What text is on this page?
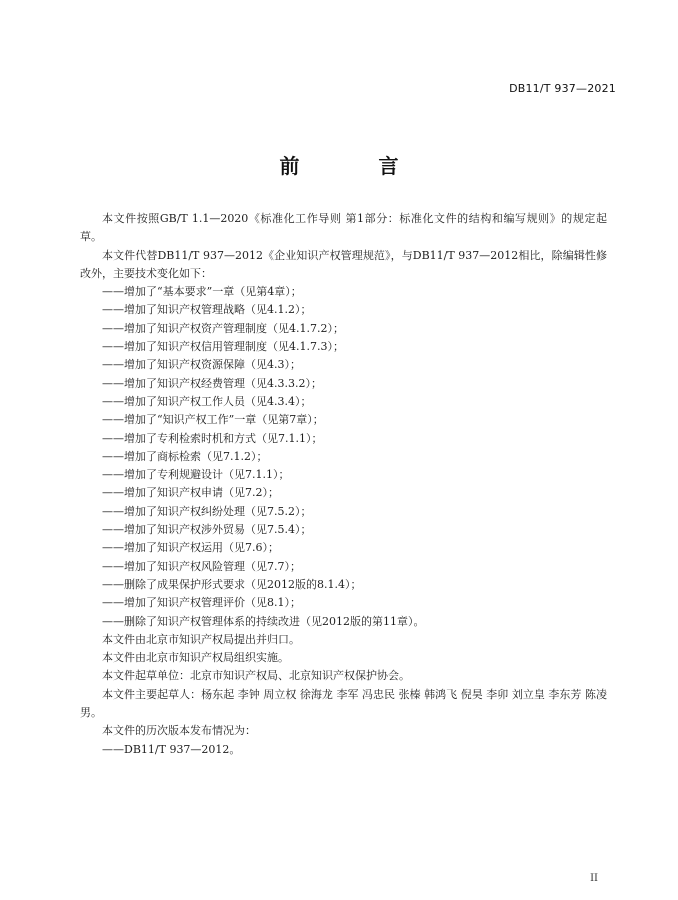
DB11/T 937—2021
前 言

本文件按照GB/T 1.1—2020《标准化工作导则 第1部分：标准化文件的结构和编写规则》的规定起草。

本文件代替DB11/T 937—2012《企业知识产权管理规范》，与DB11/T 937—2012相比，除编辑性修改外，主要技术变化如下：

——增加了“基本要求”一章（见第4章）；
——增加了知识产权管理战略（见4.1.2）；
——增加了知识产权资产管理制度（见4.1.7.2）；
——增加了知识产权信用管理制度（见4.1.7.3）；
——增加了知识产权资源保障（见4.3）；
——增加了知识产权经费管理（见4.3.3.2）；
——增加了知识产权工作人员（见4.3.4）；
——增加了“知识产权工作”一章（见第7章）；
——增加了专利检索时机和方式（见7.1.1）；
——增加了商标检索（见7.1.2）；
——增加了专利规避设计（见7.1.1）；
——增加了知识产权申请（见7.2）；
——增加了知识产权纠纷处理（见7.5.2）；
——增加了知识产权涉外贸易（见7.5.4）；
——增加了知识产权运用（见7.6）；
——增加了知识产权风险管理（见7.7）；
——删除了成果保护形式要求（见2012版的8.1.4）；
——增加了知识产权管理评价（见8.1）；
——删除了知识产权管理体系的持续改进（见2012版的第11章）。

本文件由北京市知识产权局提出并归口。

本文件由北京市知识产权局组织实施。

本文件起草单位：北京市知识产权局、北京知识产权保护协会。

本文件主要起草人：杨东起 李钟 周立权 徐海龙 李军 冯忠民 张榛 韩鸿飞 倪昊 李卯 刘立皇 李东芳 陈凌男。

本文件的历次版本发布情况为：

——DB11/T 937—2012。
II
